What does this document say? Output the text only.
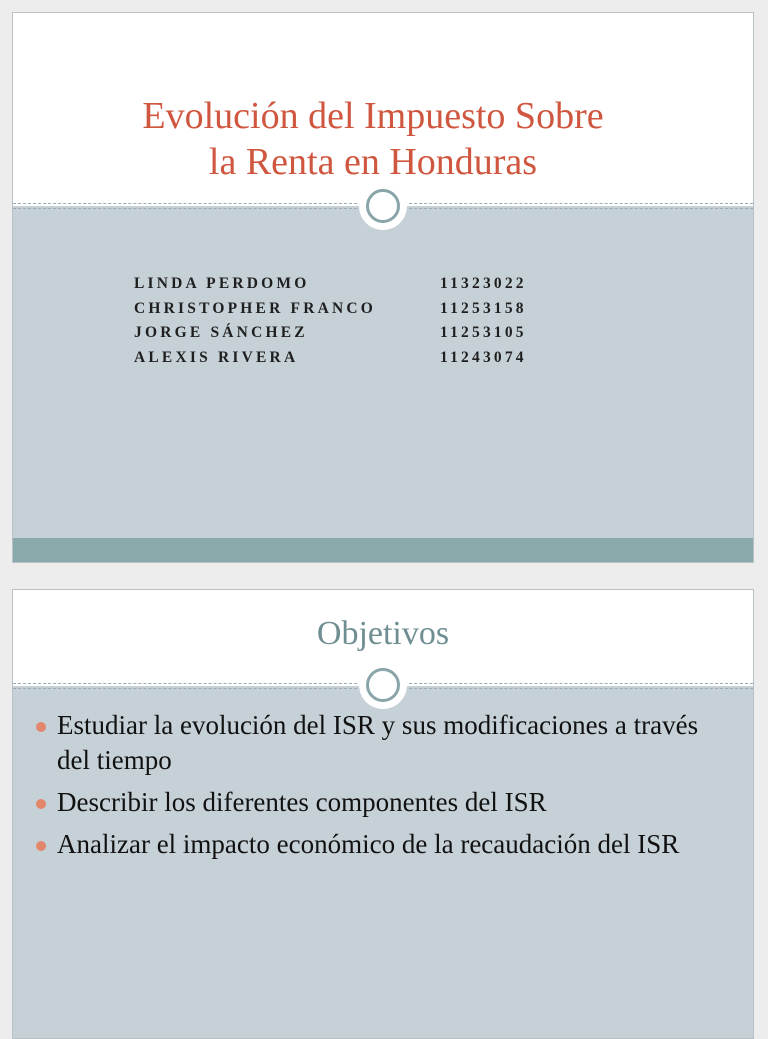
Evolución del Impuesto Sobre
la Renta en Honduras
LINDA PERDOMO	11323022
CHRISTOPHER FRANCO	11253158
JORGE SÁNCHEZ	11253105
ALEXIS RIVERA	11243074
Objetivos
Estudiar la evolución del ISR y sus modificaciones a través del tiempo
Describir los diferentes componentes del ISR
Analizar el impacto económico de la recaudación del ISR
